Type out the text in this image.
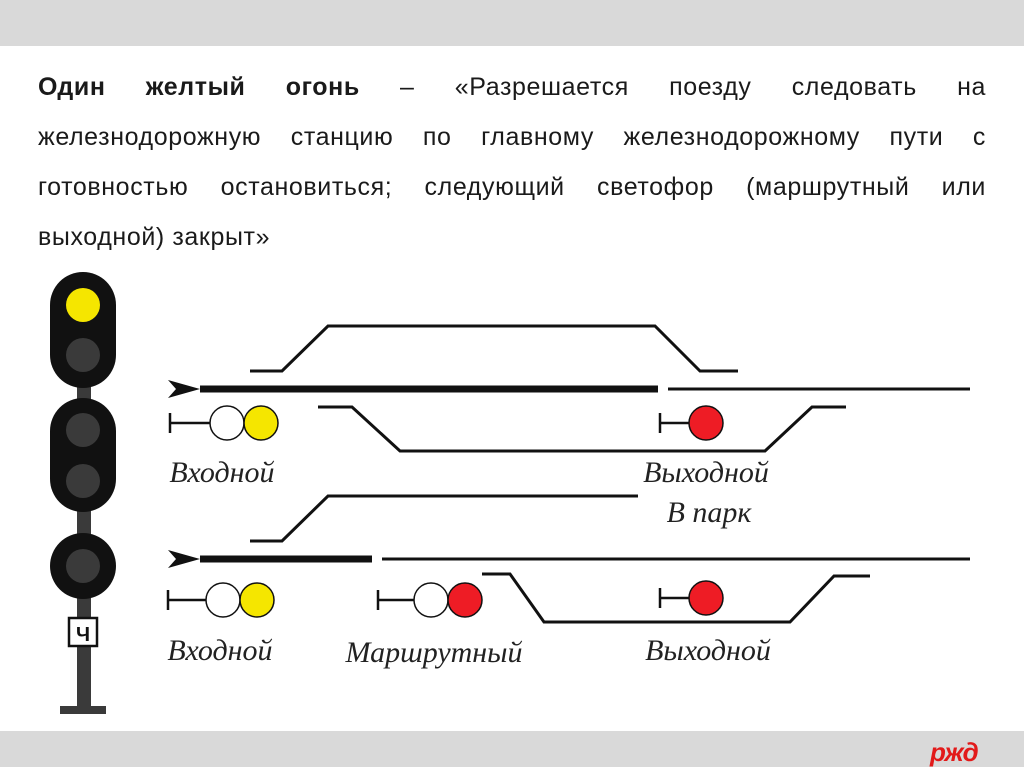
Один желтый огонь – «Разрешается поезду следовать на железнодорожную станцию по главному железнодорожному пути с готовностью остановиться; следующий светофор (маршрутный или выходной) закрыт»
Ч
Входной	Выходной
В парк
Входной Маршрутный	Выходной
ржд
